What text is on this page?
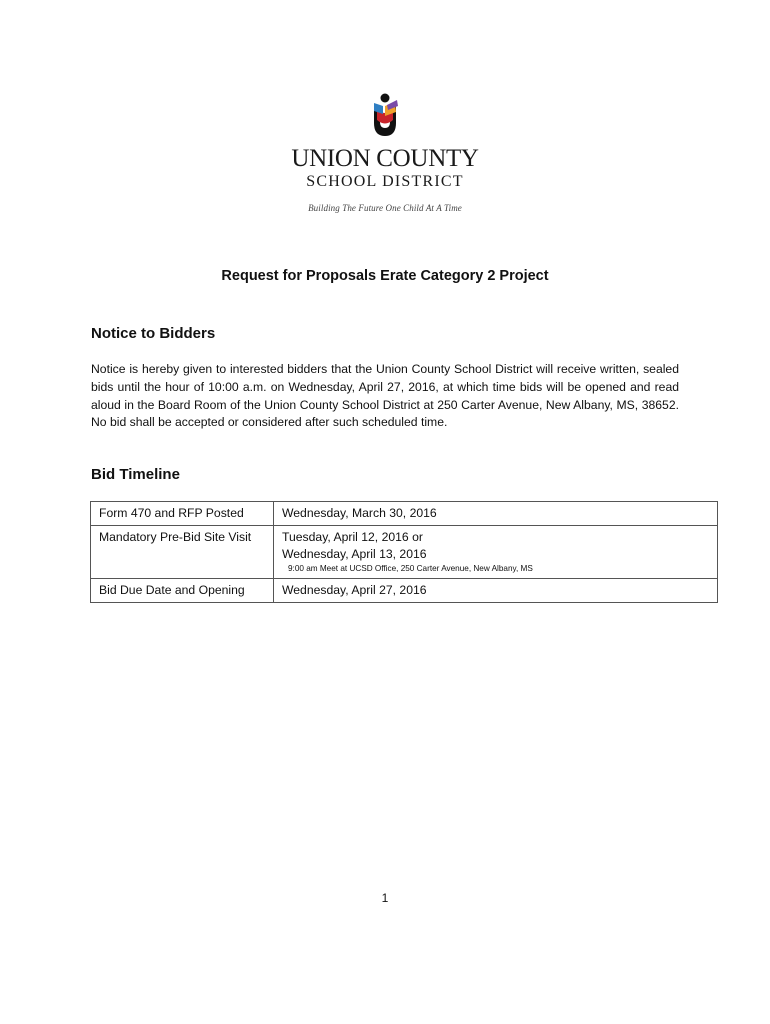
UNION COUNTY
SCHOOL DISTRICT
Building The Future One Child At A Time
Request for Proposals Erate Category 2 Project
Notice to Bidders
Notice is hereby given to interested bidders that the Union County School District will receive written, sealed bids until the hour of 10:00 a.m. on Wednesday, April 27, 2016, at which time bids will be opened and read aloud in the Board Room of the Union County School District at 250 Carter Avenue, New Albany, MS, 38652. No bid shall be accepted or considered after such scheduled time.
Bid Timeline
Form 470 and RFP Posted	Wednesday, March 30, 2016
Mandatory Pre-Bid Site Visit	Tuesday, April 12, 2016 or
Wednesday, April 13, 2016
9:00 am Meet at UCSD Office, 250 Carter Avenue, New Albany, MS

Bid Due Date and Opening	Wednesday, April 27, 2016
1
